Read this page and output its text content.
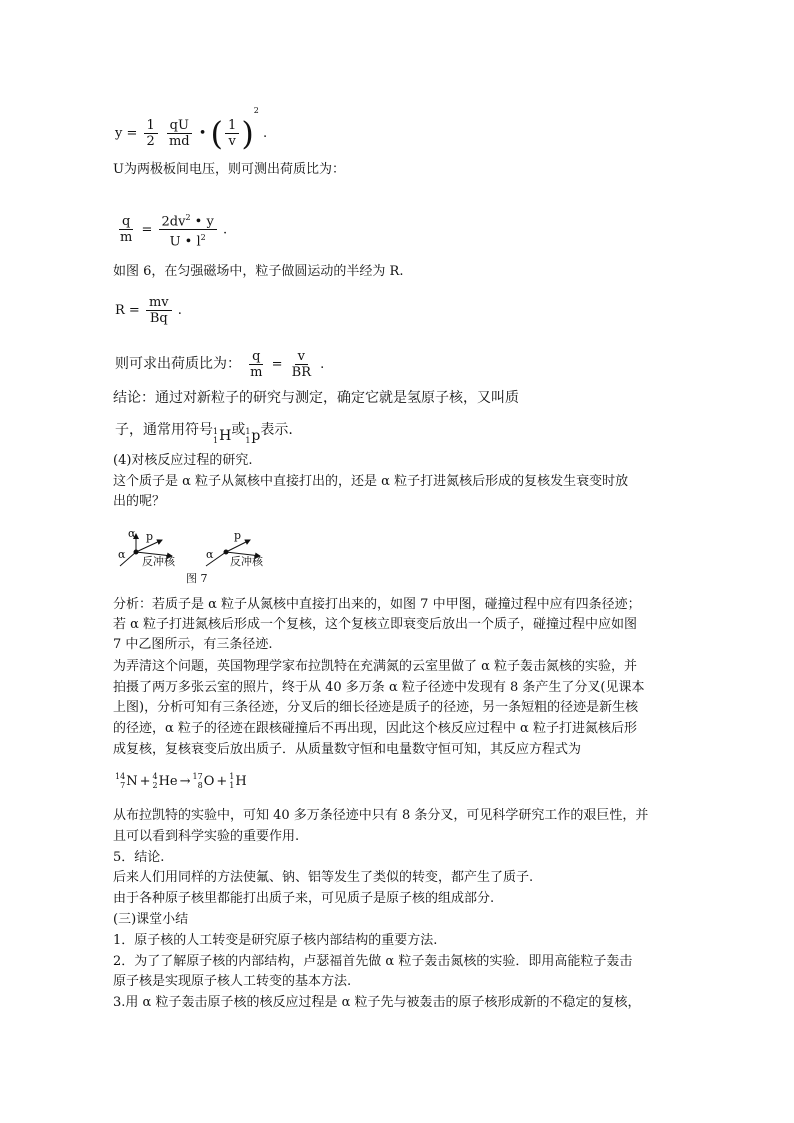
$y = \frac{1}{2}$
$\frac{qU}{md}$ • ( $\frac{1}{v} )^2$ .
U为两极板间电压，则可测出荷质比为：
$\frac{q}{m} = \frac{2dv^2 • y}{U • l^2}$ .
如图 6，在匀强磁场中，粒子做圆运动的半经为 R.
$R = \frac{mv}{Bq}$ .
则可求出荷质比为： $\frac{q}{m} = \frac{v}{BR}$ .
结论：通过对新粒子的研究与测定，确定它就是氢原子核，又叫质
子，通常用符号 1
1 H 或 1
1 p 表示.
(4)对核反应过程的研究.
这个质子是 α 粒子从氮核中直接打出的，还是 α 粒子打进氮核后形成的复核发生衰变时放
出的呢？
α p
α
反冲核
α
p
反冲核
图 7
分析：若质子是 α 粒子从氮核中直接打出来的，如图 7 中甲图，碰撞过程中应有四条径迹；
若 α 粒子打进氮核后形成一个复核，这个复核立即衰变后放出一个质子，碰撞过程中应如图
7 中乙图所示，有三条径迹.
为弄清这个问题，英国物理学家布拉凯特在充满氮的云室里做了 α 粒子轰击氮核的实验，并
拍摄了两万多张云室的照片，终于从 40 多万条 α 粒子径迹中发现有 8 条产生了分叉(见课本
上图)，分析可知有三条径迹，分叉后的细长径迹是质子的径迹，另一条短粗的径迹是新生核
的径迹，α 粒子的径迹在跟核碰撞后不再出现，因此这个核反应过程中 α 粒子打进氮核后形
成复核，复核衰变后放出质子．从质量数守恒和电量数守恒可知，其反应方程式为
14
7 N + 4
2 He → 17
8 O + 1
1 H
从布拉凯特的实验中，可知 40 多万条径迹中只有 8 条分叉，可见科学研究工作的艰巨性，并
且可以看到科学实验的重要作用.
5．结论.
后来人们用同样的方法使氟、钠、铝等发生了类似的转变，都产生了质子.
由于各种原子核里都能打出质子来，可见质子是原子核的组成部分.
(三)课堂小结
1．原子核的人工转变是研究原子核内部结构的重要方法.
2．为了了解原子核的内部结构，卢瑟福首先做 α 粒子轰击氮核的实验．即用高能粒子轰击
原子核是实现原子核人工转变的基本方法.
3.用 α 粒子轰击原子核的核反应过程是 α 粒子先与被轰击的原子核形成新的不稳定的复核，
